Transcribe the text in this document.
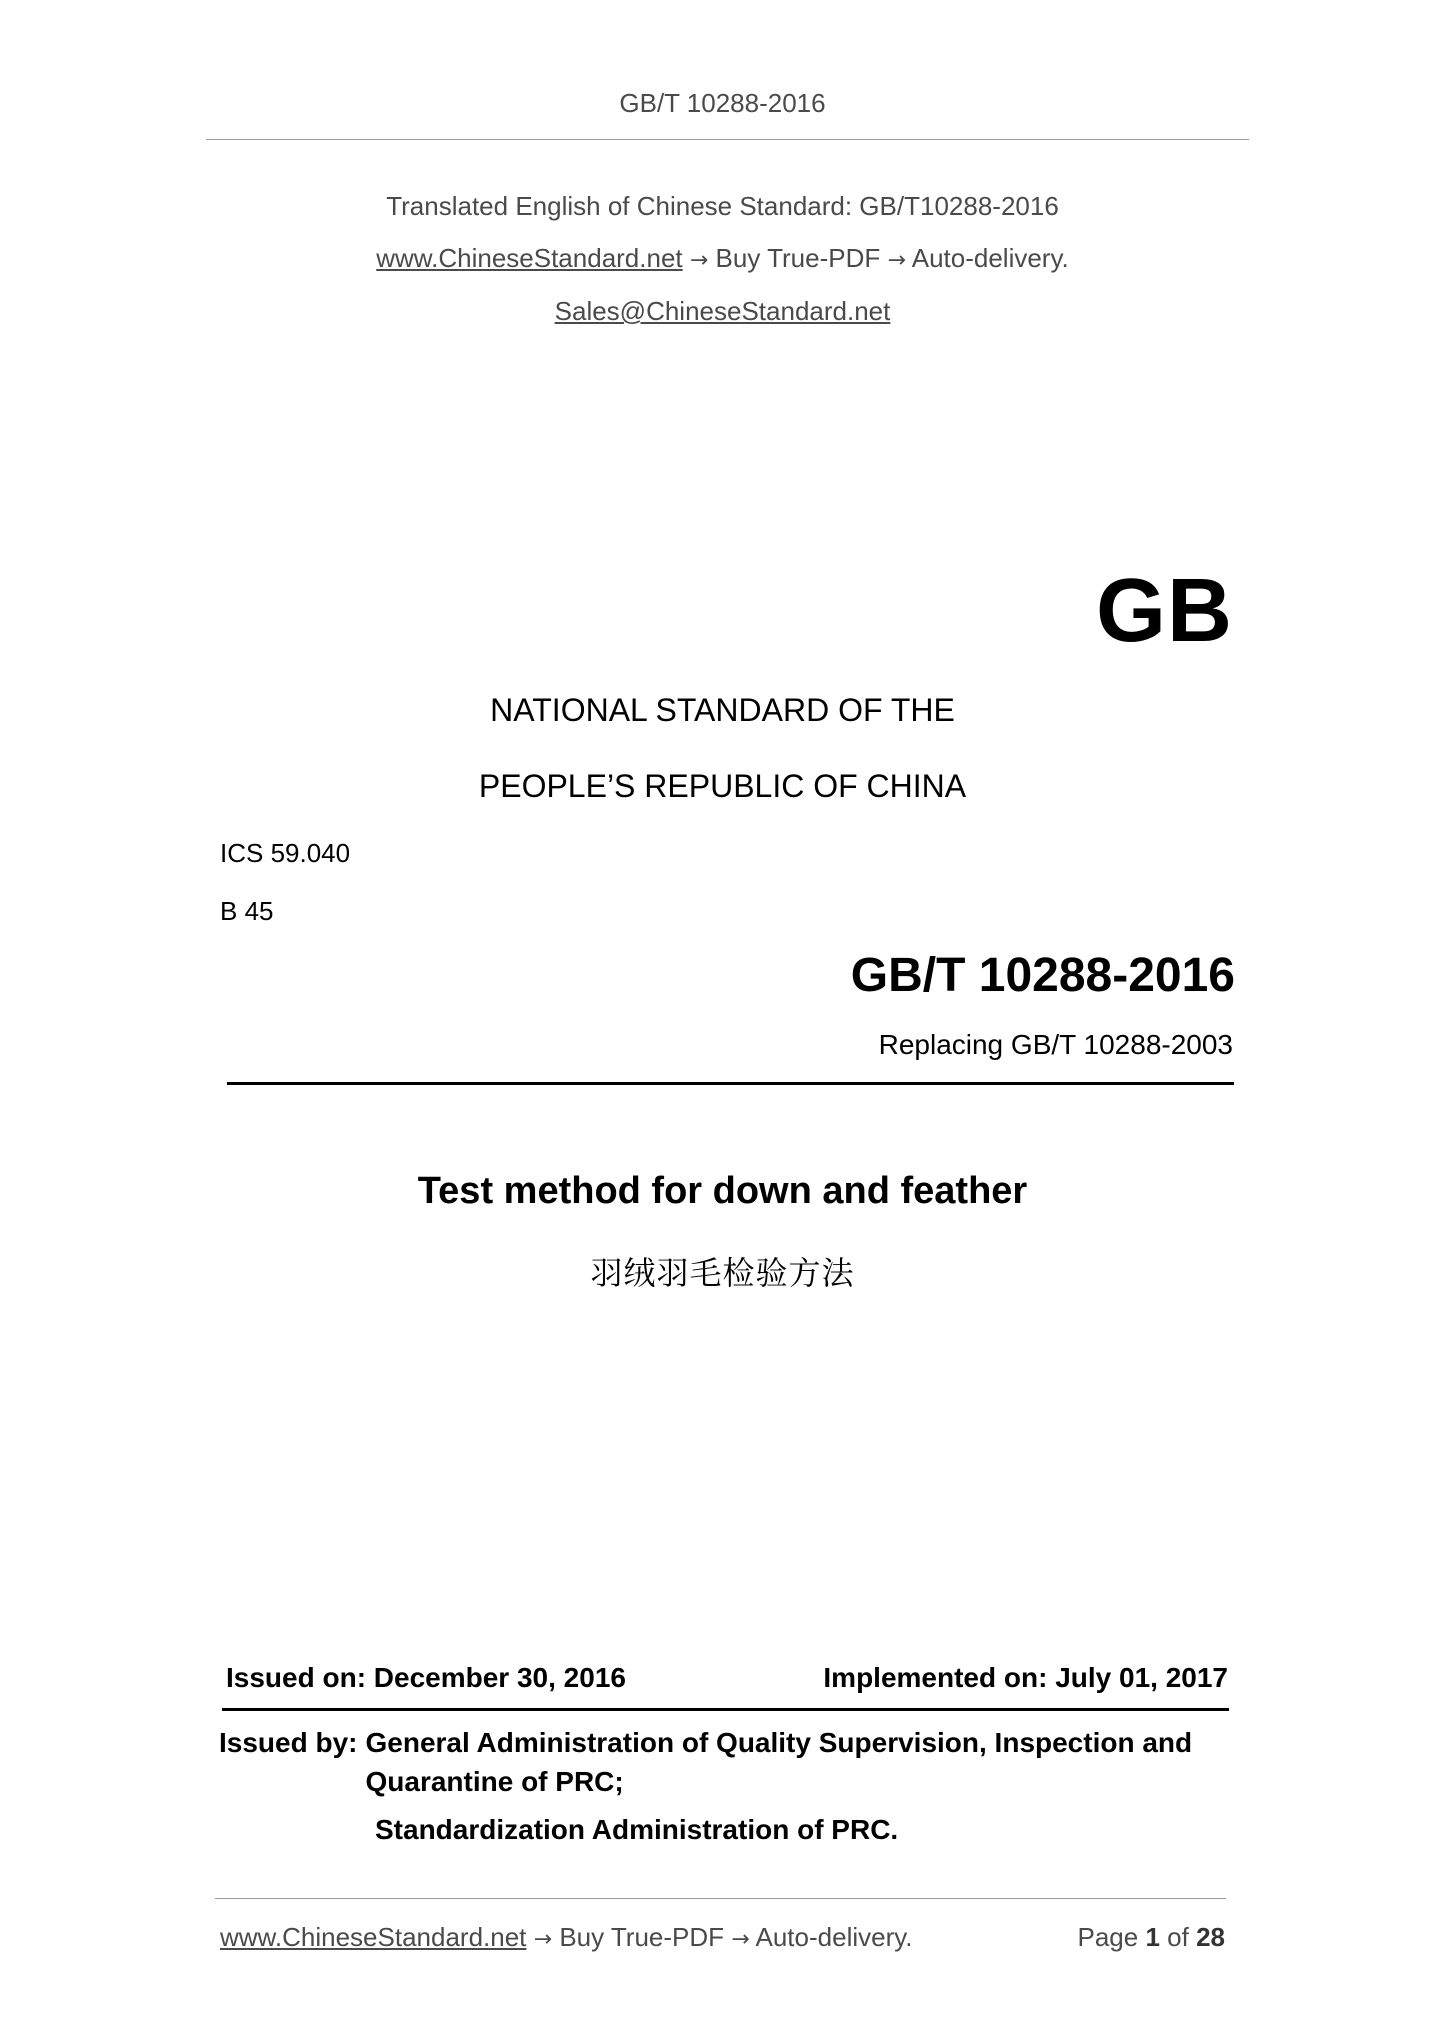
GB/T 10288-2016
Translated English of Chinese Standard: GB/T10288-2016
www.ChineseStandard.net → Buy True-PDF → Auto-delivery.
Sales@ChineseStandard.net
GB
NATIONAL STANDARD OF THE
PEOPLE’S REPUBLIC OF CHINA
ICS 59.040
B 45
GB/T 10288-2016
Replacing GB/T 10288-2003
Test method for down and feather
羽绒羽毛检验方法
Issued on: December 30, 2016	Implemented on: July 01, 2017
Issued by: General Administration of Quality Supervision, Inspection and Quarantine of PRC;
Standardization Administration of PRC.
www.ChineseStandard.net → Buy True-PDF → Auto-delivery.	Page 1 of 28
